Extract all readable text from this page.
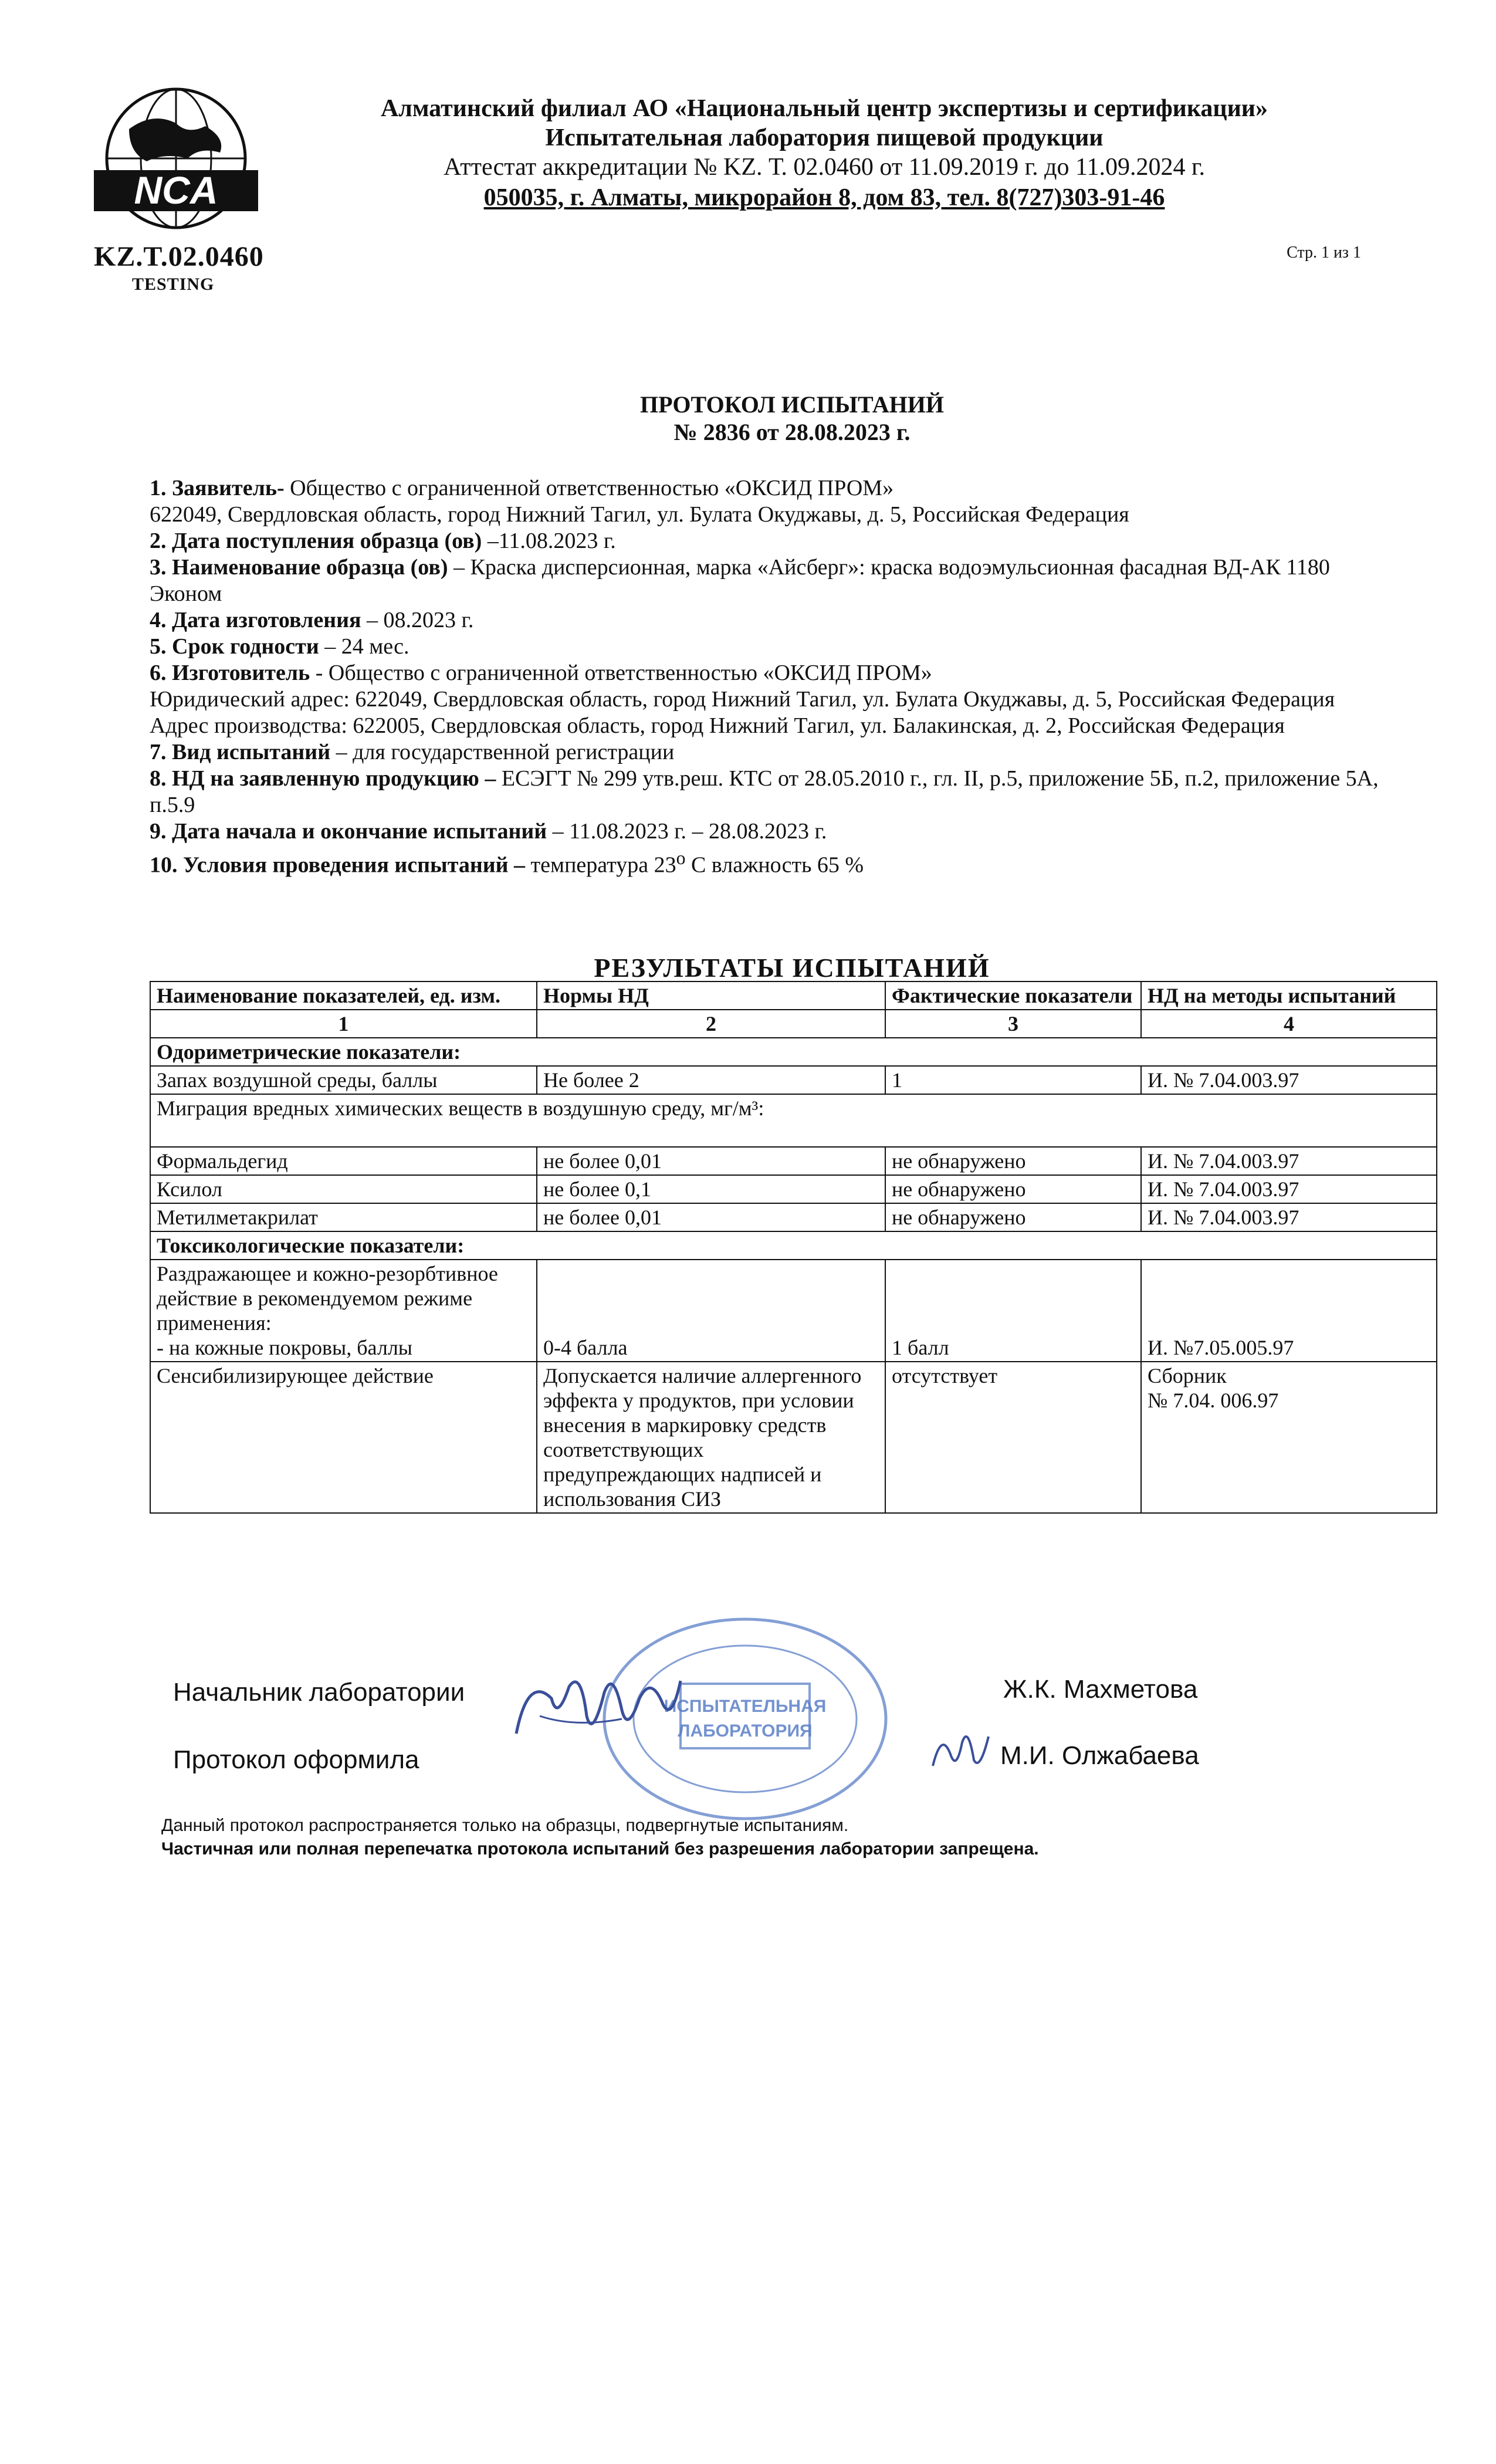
NCA
KZ.T.02.0460
TESTING
Алматинский филиал АО «Национальный центр экспертизы и сертификации»
Испытательная лаборатория пищевой продукции
Аттестат аккредитации № KZ. Т. 02.0460 от 11.09.2019 г. до 11.09.2024 г.
050035, г. Алматы, микрорайон 8, дом 83, тел. 8(727)303-91-46
Стр. 1 из 1
ПРОТОКОЛ ИСПЫТАНИЙ
№ 2836 от 28.08.2023 г.

1. Заявитель- Общество с ограниченной ответственностью «ОКСИД ПРОМ»

622049, Свердловская область, город Нижний Тагил, ул. Булата Окуджавы, д. 5, Российская Федерация

2. Дата поступления образца (ов) –11.08.2023 г.

3. Наименование образца (ов) – Краска дисперсионная, марка «Айсберг»: краска водоэмульсионная фасадная ВД-АК 1180 Эконом

4. Дата изготовления – 08.2023 г.

5. Срок годности – 24 мес.

6. Изготовитель - Общество с ограниченной ответственностью «ОКСИД ПРОМ»

Юридический адрес: 622049, Свердловская область, город Нижний Тагил, ул. Булата Окуджавы, д. 5, Российская Федерация

Адрес производства: 622005, Свердловская область, город Нижний Тагил, ул. Балакинская, д. 2, Российская Федерация

7. Вид испытаний – для государственной регистрации

8. НД на заявленную продукцию – ЕСЭГТ № 299 утв.реш. КТС от 28.05.2010 г., гл. II, р.5, приложение 5Б, п.2, приложение 5А, п.5.9

9. Дата начала и окончание испытаний – 11.08.2023 г. – 28.08.2023 г.

10. Условия проведения испытаний – температура 23$^o$ C влажность 65 %

РЕЗУЛЬТАТЫ ИСПЫТАНИЙ
Наименование показателей, ед. изм.	Нормы НД	Фактические показатели	НД на методы испытаний
1	2	3	4
Одориметрические показатели:			
Запах воздушной среды, баллы	Не более 2	1	И. № 7.04.003.97
Миграция вредных химических веществ в воздушную среду, мг/м³:			
Формальдегид	не более 0,01	не обнаружено	И. № 7.04.003.97
Ксилол	не более 0,1	не обнаружено	И. № 7.04.003.97
Метилметакрилат	не более 0,01	не обнаружено	И. № 7.04.003.97
Токсикологические показатели:			

Раздражающее и кожно-резорбтивное действие в рекомендуемом режиме применения:
- на кожные покровы, баллы	0-4 балла	1 балл	И. №7.05.005.97
Сенсибилизирующее действие	Допускается наличие аллергенного эффекта у продуктов, при условии внесения в маркировку средств соответствующих предупреждающих надписей и использования СИЗ	отсутствует	Сборник
№ 7.04. 006.97
ИСПЫТАТЕЛЬНАЯ
ЛАБОРАТОРИЯ
Начальник лаборатории	Ж.К. Махметова
Протокол оформила	М.И. Олжабаева
Данный протокол распространяется только на образцы, подвергнутые испытаниям.
Частичная или полная перепечатка протокола испытаний без разрешения лаборатории запрещена.
